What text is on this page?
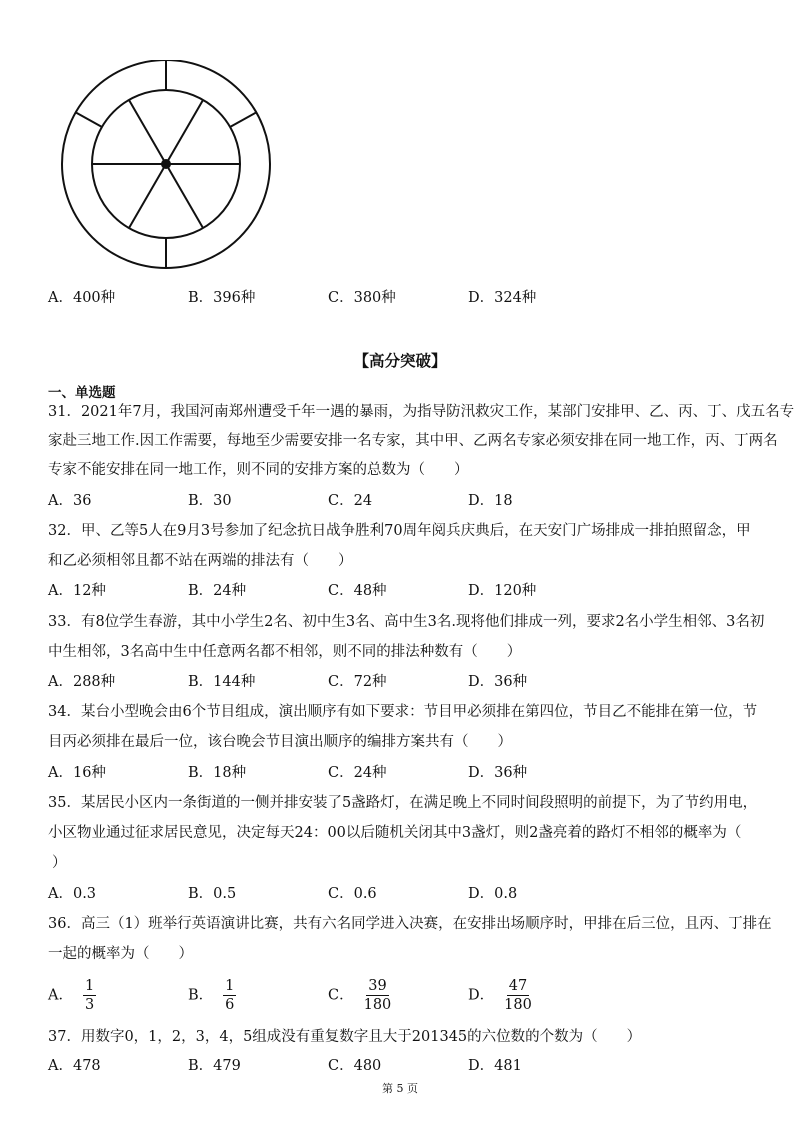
A．400种	B．396种	C．380种	D．324种
【高分突破】
一、单选题
31．2021年7月，我国河南郑州遭受千年一遇的暴雨，为指导防汛救灾工作，某部门安排甲、乙、丙、丁、戊五名专
家赴三地工作.因工作需要，每地至少需要安排一名专家，其中甲、乙两名专家必须安排在同一地工作，丙、丁两名
专家不能安排在同一地工作，则不同的安排方案的总数为（　　）
A．36	B．30	C．24	D．18
32．甲、乙等5人在9月3号参加了纪念抗日战争胜利70周年阅兵庆典后，在天安门广场排成一排拍照留念，甲
和乙必须相邻且都不站在两端的排法有（　　）
A．12种	B．24种	C．48种	D．120种
33．有8位学生春游，其中小学生2名、初中生3名、高中生3名.现将他们排成一列，要求2名小学生相邻、3名初
中生相邻，3名高中生中任意两名都不相邻，则不同的排法种数有（　　）
A．288种	B．144种	C．72种	D．36种
34．某台小型晚会由6个节目组成，演出顺序有如下要求：节目甲必须排在第四位，节目乙不能排在第一位，节
目丙必须排在最后一位，该台晚会节目演出顺序的编排方案共有（　　）
A．16种	B．18种	C．24种	D．36种
35．某居民小区内一条街道的一侧并排安装了5盏路灯，在满足晚上不同时间段照明的前提下，为了节约用电，
小区物业通过征求居民意见，决定每天24：00以后随机关闭其中3盏灯，则2盏亮着的路灯不相邻的概率为（
）
A．0.3	B．0.5	C．0.6	D．0.8
36．高三（1）班举行英语演讲比赛，共有六名同学进入决赛，在安排出场顺序时，甲排在后三位，且丙、丁排在
一起的概率为（　　）
A． $\frac{1}{3}$	B． $\frac{1}{6}$	C． $\frac{39}{180}$	D． $\frac{47}{180}$
37．用数字0，1，2，3，4，5组成没有重复数字且大于201345的六位数的个数为（　　）
A．478	B．479	C．480	D．481
第 5 页
